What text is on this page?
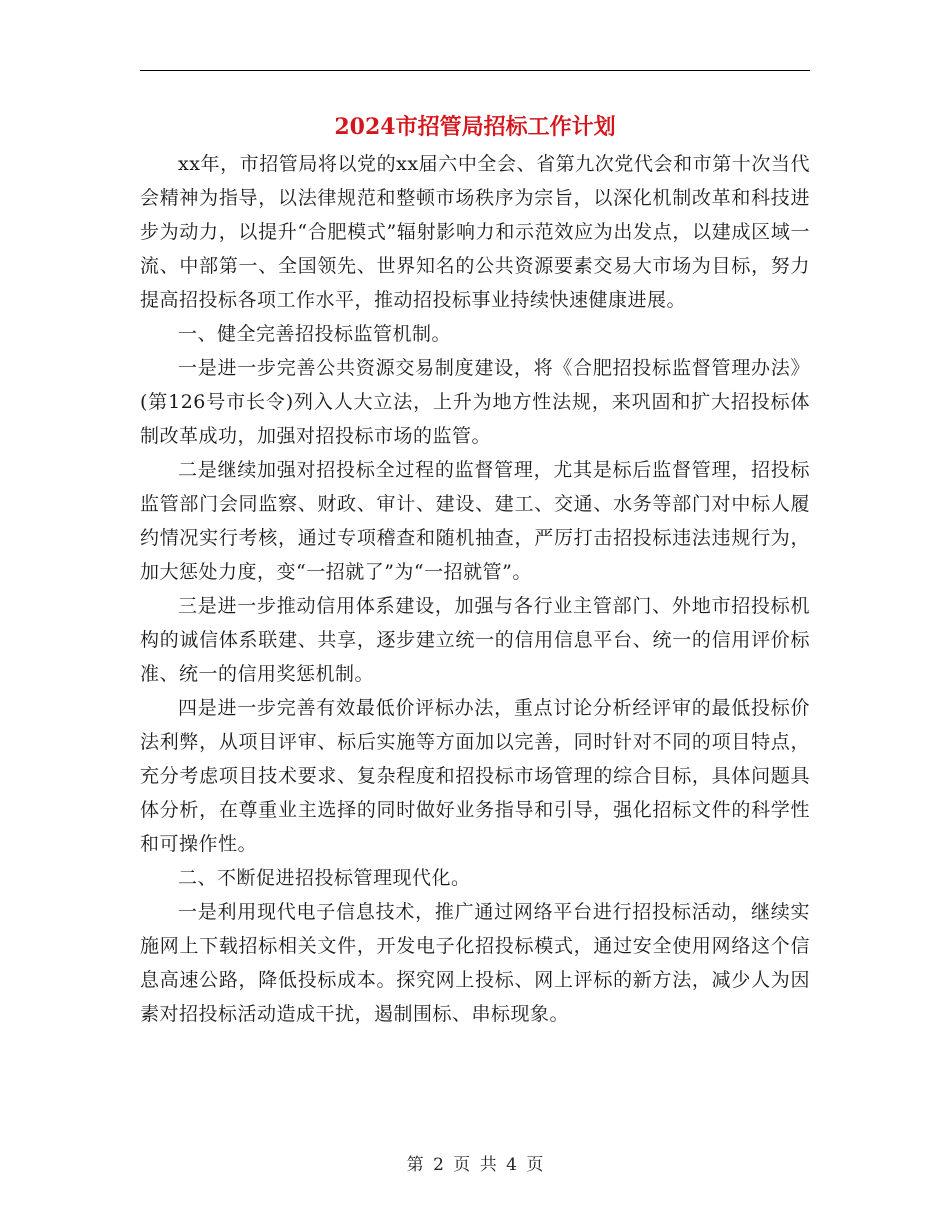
2024市招管局招标工作计划

xx年，市招管局将以党的xx届六中全会、省第九次党代会和市第十次当代会精神为指导，以法律规范和整顿市场秩序为宗旨，以深化机制改革和科技进步为动力，以提升“合肥模式”辐射影响力和示范效应为出发点，以建成区域一流、中部第一、全国领先、世界知名的公共资源要素交易大市场为目标，努力提高招投标各项工作水平，推动招投标事业持续快速健康进展。

一、健全完善招投标监管机制。

一是进一步完善公共资源交易制度建设，将《合肥招投标监督管理办法》(第126号市长令)列入人大立法，上升为地方性法规，来巩固和扩大招投标体制改革成功，加强对招投标市场的监管。

二是继续加强对招投标全过程的监督管理，尤其是标后监督管理，招投标监管部门会同监察、财政、审计、建设、建工、交通、水务等部门对中标人履约情况实行考核，通过专项稽查和随机抽查，严厉打击招投标违法违规行为，加大惩处力度，变“一招就了”为“一招就管”。

三是进一步推动信用体系建设，加强与各行业主管部门、外地市招投标机构的诚信体系联建、共享，逐步建立统一的信用信息平台、统一的信用评价标准、统一的信用奖惩机制。

四是进一步完善有效最低价评标办法，重点讨论分析经评审的最低投标价法利弊，从项目评审、标后实施等方面加以完善，同时针对不同的项目特点，充分考虑项目技术要求、复杂程度和招投标市场管理的综合目标，具体问题具体分析，在尊重业主选择的同时做好业务指导和引导，强化招标文件的科学性和可操作性。

二、不断促进招投标管理现代化。

一是利用现代电子信息技术，推广通过网络平台进行招投标活动，继续实施网上下载招标相关文件，开发电子化招投标模式，通过安全使用网络这个信息高速公路，降低投标成本。探究网上投标、网上评标的新方法，减少人为因素对招投标活动造成干扰，遏制围标、串标现象。

第 2 页 共 4 页
